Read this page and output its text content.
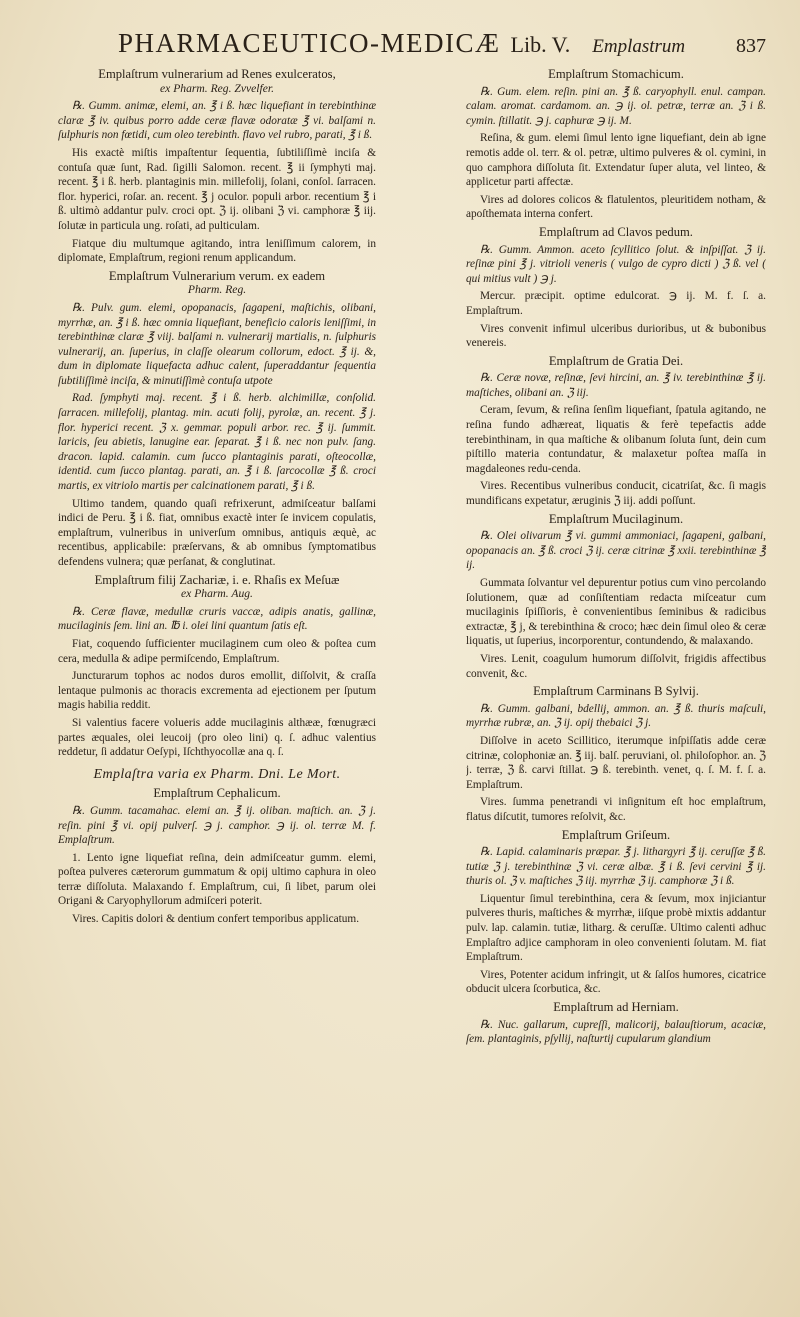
PHARMACEUTICO-MEDICÆ Lib. V. Emplastrum	837

Emplaſtrum vulnerarium ad Renes exulceratos,

ex Pharm. Reg. Zvvelfer.

℞. Gumm. animæ, elemi, an. ℥ i ß. hæc liquefiant in terebinthinæ claræ ℥ iv. quibus porro adde ceræ flavæ odoratæ ℥ vi. balſami n. ſulphuris non fœtidi, cum oleo terebinth. flavo vel rubro, parati, ℥ i ß.

His exactè miſtis impaſtentur ſequentia, ſubtiliſſimè inciſa & contuſa quæ ſunt, Rad. ſigilli Salomon. recent. ℥ ii ſymphyti maj. recent. ℥ i ß. herb. plantaginis min. millefolij, ſolani, conſol. ſarracen. flor. hyperici, roſar. an. recent. ℥ j oculor. populi arbor. recentium ℥ i ß. ultimò addantur pulv. croci opt. ℨ ij. olibani ℨ vi. camphoræ ℥ iij. ſolutæ in particula ung. roſati, ad pulticulam.

Fiatque diu multumque agitando, intra leniſſimum calorem, in diplomate, Emplaſtrum, regioni renum applicandum.

Emplaſtrum Vulnerarium verum. ex eadem

Pharm. Reg.

℞. Pulv. gum. elemi, opopanacis, ſagapeni, maſtichis, olibani, myrrhæ, an. ℥ i ß. hæc omnia liquefiant, beneficio caloris leniſſimi, in terebinthinæ claræ ℥ viij. balſami n. vulnerarij martialis, n. ſulphuris vulnerarij, an. ſuperius, in claſſe olearum collorum, edoct. ℥ ij. &, dum in diplomate liquefacta adhuc calent, ſuperaddantur ſequentia ſubtiliſſimè inciſa, & minutiſſimè contuſa utpote

Rad. ſymphyti maj. recent. ℥ i ß. herb. alchimillæ, conſolid. ſarracen. millefolij, plantag. min. acuti folij, pyrolæ, an. recent. ℥ j. flor. hyperici recent. ℨ x. gemmar. populi arbor. rec. ℥ ij. ſummit. laricis, ſeu abietis, lanugine ear. ſeparat. ℥ i ß. nec non pulv. ſang. dracon. lapid. calamin. cum ſucco plantaginis parati, oſteocollæ, identid. cum ſucco plantag. parati, an. ℥ i ß. ſarcocollæ ℥ ß. croci martis, ex vitriolo martis per calcinationem parati, ℥ i ß.

Ultimo tandem, quando quaſi refrixerunt, admiſceatur balſami indici de Peru. ℥ i ß. fiat, omnibus exactè inter ſe invicem copulatis, emplaſtrum, vulneribus in univerſum omnibus, antiquis æquè, ac recentibus, applicabile: præſervans, & ab omnibus ſymptomatibus defendens vulnera; quæ perſanat, & conglutinat.

Emplaſtrum filij Zachariæ, i. e. Rhaſis ex Meſuæ

ex Pharm. Aug.

℞. Ceræ flavæ, medullæ cruris vaccæ, adipis anatis, gallinæ, mucilaginis ſem. lini an. ℔ i. olei lini quantum ſatis eſt.

Fiat, coquendo ſufficienter mucilaginem cum oleo & poſtea cum cera, medulla & adipe permiſcendo, Emplaſtrum.

Juncturarum tophos ac nodos duros emollit, diſſolvit, & craſſa lentaque pulmonis ac thoracis excrementa ad ejectionem per ſputum magis habilia reddit.

Si valentius facere volueris adde mucilaginis althææ, fœnugræci partes æquales, olei leucoij (pro oleo lini) q. ſ. adhuc valentius reddetur, ſi addatur Oeſypi, Iſchthyocollæ ana q. ſ.

Emplaſtra varia ex Pharm. Dni. Le Mort.

Emplaſtrum Cephalicum.

℞. Gumm. tacamahac. elemi an. ℥ ij. oliban. maſtich. an. ℨ j. reſin. pini ℥ vi. opij pulverſ. ℈ j. camphor. ℈ ij. ol. terræ M. f. Emplaſtrum.

1. Lento igne liquefiat reſina, dein admiſceatur gumm. elemi, poſtea pulveres cæterorum gummatum & opij ultimo caphura in oleo terræ diſſoluta. Malaxando f. Emplaſtrum, cui, ſi libet, parum olei Origani & Caryophyllorum admiſceri poterit.

Vires. Capitis dolori & dentium confert temporibus applicatum.

Emplaſtrum Stomachicum.

℞. Gum. elem. reſin. pini an. ℥ ß. caryophyll. enul. campan. calam. aromat. cardamom. an. ℈ ij. ol. petræ, terræ an. ℨ i ß. cymin. ſtillatit. ℈ j. caphuræ ℈ ij. M.

Reſina, & gum. elemi ſimul lento igne liquefiant, dein ab igne remotis adde ol. terr. & ol. petræ, ultimo pulveres & ol. cymini, in quo camphora diſſoluta ſit. Extendatur ſuper aluta, vel linteo, & applicetur parti affectæ.

Vires ad dolores colicos & flatulentos, pleuritidem notham, & apoſthemata interna confert.

Emplaſtrum ad Clavos pedum.

℞. Gumm. Ammon. aceto ſcyllitico ſolut. & inſpiſſat. ℨ ij. reſinæ pini ℥ j. vitrioli veneris ( vulgo de cypro dicti ) ℨ ß. vel ( qui mitius vult ) ℈ j.

Mercur. præcipit. optime edulcorat. ℈ ij. M. f. ſ. a. Emplaſtrum.

Vires convenit infimul ulceribus durioribus, ut & bubonibus venereis.

Emplaſtrum de Gratia Dei.

℞. Ceræ novæ, reſinæ, ſevi hircini, an. ℥ iv. terebinthinæ ℥ ij. maſtiches, olibani an. ℨ iij.

Ceram, ſevum, & reſina ſenſim liquefiant, ſpatula agitando, ne reſina fundo adhæreat, liquatis & ferè tepefactis adde terebinthinam, in qua maſtiche & olibanum ſoluta ſunt, dein cum piſtillo materia contundatur, & malaxetur poſtea maſſa in magdaleones redu-cenda.

Vires. Recentibus vulneribus conducit, cicatriſat, &c. ſi magis mundificans expetatur, æruginis ℨ iij. addi poſſunt.

Emplaſtrum Mucilaginum.

℞. Olei olivarum ℥ vi. gummi ammoniaci, ſagapeni, galbani, opopanacis an. ℥ ß. croci ℨ ij. ceræ citrinæ ℥ xxii. terebinthinæ ℥ ij.

Gummata ſolvantur vel depurentur potius cum vino percolando ſolutionem, quæ ad conſiſtentiam redacta miſceatur cum mucilaginis ſpiſſioris, è convenientibus ſeminibus & radicibus extractæ, ℥ j, & terebinthina & croco; hæc dein ſimul oleo & ceræ liquatis, ut ſuperius, incorporentur, contundendo, & malaxando.

Vires. Lenit, coagulum humorum diſſolvit, frigidis affectibus convenit, &c.

Emplaſtrum Carminans B Sylvij.

℞. Gumm. galbani, bdellij, ammon. an. ℥ ß. thuris maſculi, myrrhæ rubræ, an. ℨ ij. opij thebaici ℨ j.

Diſſolve in aceto Scillitico, iterumque inſpiſſatis adde ceræ citrinæ, colophoniæ an. ℥ iij. balſ. peruviani, ol. philoſophor. an. ℨ j. terræ, ℨ ß. carvi ſtillat. ℈ ß. terebinth. venet, q. ſ. M. f. ſ. a. Emplaſtrum.

Vires. ſumma penetrandi vi inſignitum eſt hoc emplaſtrum, flatus diſcutit, tumores reſolvit, &c.

Emplaſtrum Griſeum.

℞. Lapid. calaminaris præpar. ℥ j. lithargyri ℥ ij. ceruſſæ ℥ ß. tutiæ ℨ j. terebinthinæ ℨ vi. ceræ albæ. ℥ i ß. ſevi cervini ℥ ij. thuris ol. ℨ v. maſtiches ℨ iij. myrrhæ ℨ ij. camphoræ ℨ i ß.

Liquentur ſimul terebinthina, cera & ſevum, mox injiciantur pulveres thuris, maſtiches & myrrhæ, iiſque probè mixtis addantur pulv. lap. calamin. tutiæ, litharg. & ceruſſæ. Ultimo calenti adhuc Emplaſtro adjice camphoram in oleo convenienti ſolutam. M. fiat Emplaſtrum.

Vires, Potenter acidum infringit, ut & ſalſos humores, cicatrice obducit ulcera ſcorbutica, &c.

Emplaſtrum ad Herniam.

℞. Nuc. gallarum, cupreſſi, malicorij, balauſtiorum, acaciæ, ſem. plantaginis, pſyllij, naſturtij cupularum glandium
